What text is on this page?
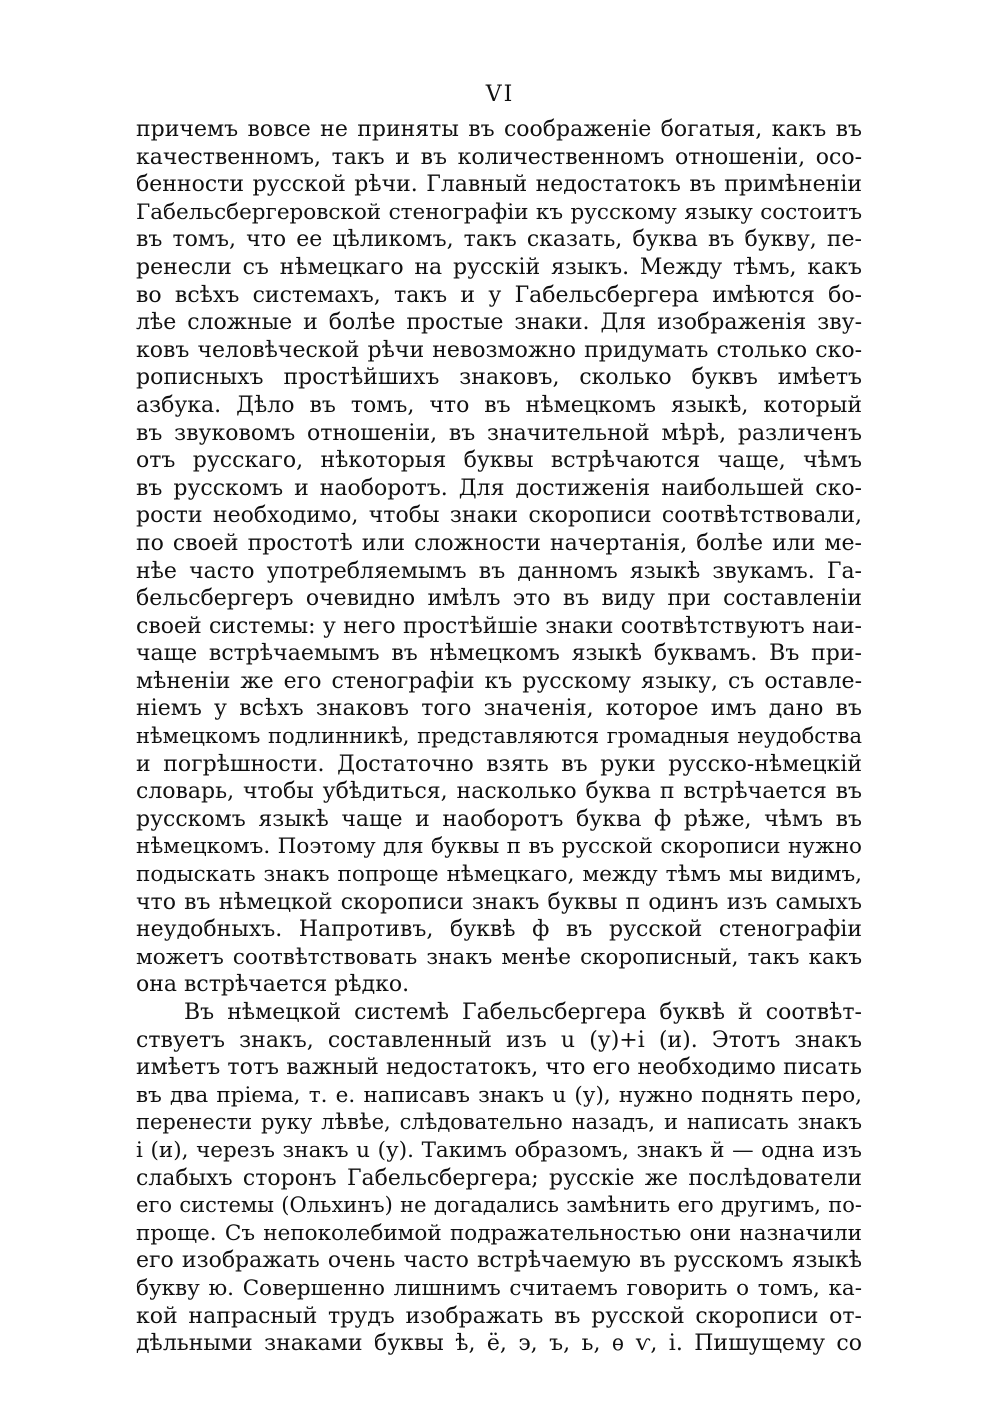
VI
причемъ вовсе не приняты въ соображенiе богатыя, какъ въ
качественномъ, такъ и въ количественномъ отношенiи, осо-
бенности русской рѣчи. Главный недостатокъ въ примѣненiи
Габельсбергеровской стенографiи къ русскому языку состоитъ
въ томъ, что ее цѣликомъ, такъ сказать, буква въ букву, пе-
ренесли съ нѣмецкаго на русскiй языкъ. Между тѣмъ, какъ
во всѣхъ системахъ, такъ и у Габельсбергера имѣются бо-
лѣе сложные и болѣе простые знаки. Для изображенiя зву-
ковъ человѣческой рѣчи невозможно придумать столько ско-
рописныхъ простѣйшихъ знаковъ, сколько буквъ имѣетъ
азбука. Дѣло въ томъ, что въ нѣмецкомъ языкѣ, который
въ звуковомъ отношенiи, въ значительной мѣрѣ, различенъ
отъ русскаго, нѣкоторыя буквы встрѣчаются чаще, чѣмъ
въ русскомъ и наоборотъ. Для достиженiя наибольшей ско-
рости необходимо, чтобы знаки скорописи соотвѣтствовали,
по своей простотѣ или сложности начертанiя, болѣе или ме-
нѣе часто употребляемымъ въ данномъ языкѣ звукамъ. Га-
бельсбергеръ очевидно имѣлъ это въ виду при составленiи
своей системы: у него простѣйшiе знаки соотвѣтствуютъ наи-
чаще встрѣчаемымъ въ нѣмецкомъ языкѣ буквамъ. Въ при-
мѣненiи же его стенографiи къ русскому языку, съ оставле-
нiемъ у всѣхъ знаковъ того значенiя, которое имъ дано въ
нѣмецкомъ подлинникѣ, представляются громадныя неудобства
и погрѣшности. Достаточно взять въ руки русско-нѣмецкiй
словарь, чтобы убѣдиться, насколько буква п встрѣчается въ
русскомъ языкѣ чаще и наоборотъ буква ф рѣже, чѣмъ въ
нѣмецкомъ. Поэтому для буквы п въ русской скорописи нужно
подыскать знакъ попроще нѣмецкаго, между тѣмъ мы видимъ,
что въ нѣмецкой скорописи знакъ буквы п одинъ изъ самыхъ
неудобныхъ. Напротивъ, буквѣ ф въ русской стенографiи
можетъ соотвѣтствовать знакъ менѣе скорописный, такъ какъ
она встрѣчается рѣдко.
Въ нѣмецкой системѣ Габельсбергера буквѣ й соотвѣт-
ствуетъ знакъ, составленный изъ u (у)+i (и). Этотъ знакъ
имѣетъ тотъ важный недостатокъ, что его необходимо писать
въ два прiема, т. е. написавъ знакъ u (у), нужно поднять перо,
перенести руку лѣвѣе, слѣдовательно назадъ, и написать знакъ
i (и), черезъ знакъ u (у). Такимъ образомъ, знакъ й — одна изъ
слабыхъ сторонъ Габельсбергера; русскiе же послѣдователи
его системы (Ольхинъ) не догадались замѣнить его другимъ, по-
проще. Съ непоколебимой подражательностью они назначили
его изображать очень часто встрѣчаемую въ русскомъ языкѣ
букву ю. Совершенно лишнимъ считаемъ говорить о томъ, ка-
кой напрасный трудъ изображать въ русской скорописи от-
дѣльными знаками буквы ѣ, ё, э, ъ, ь, ѳ ѵ, i. Пишущему со
